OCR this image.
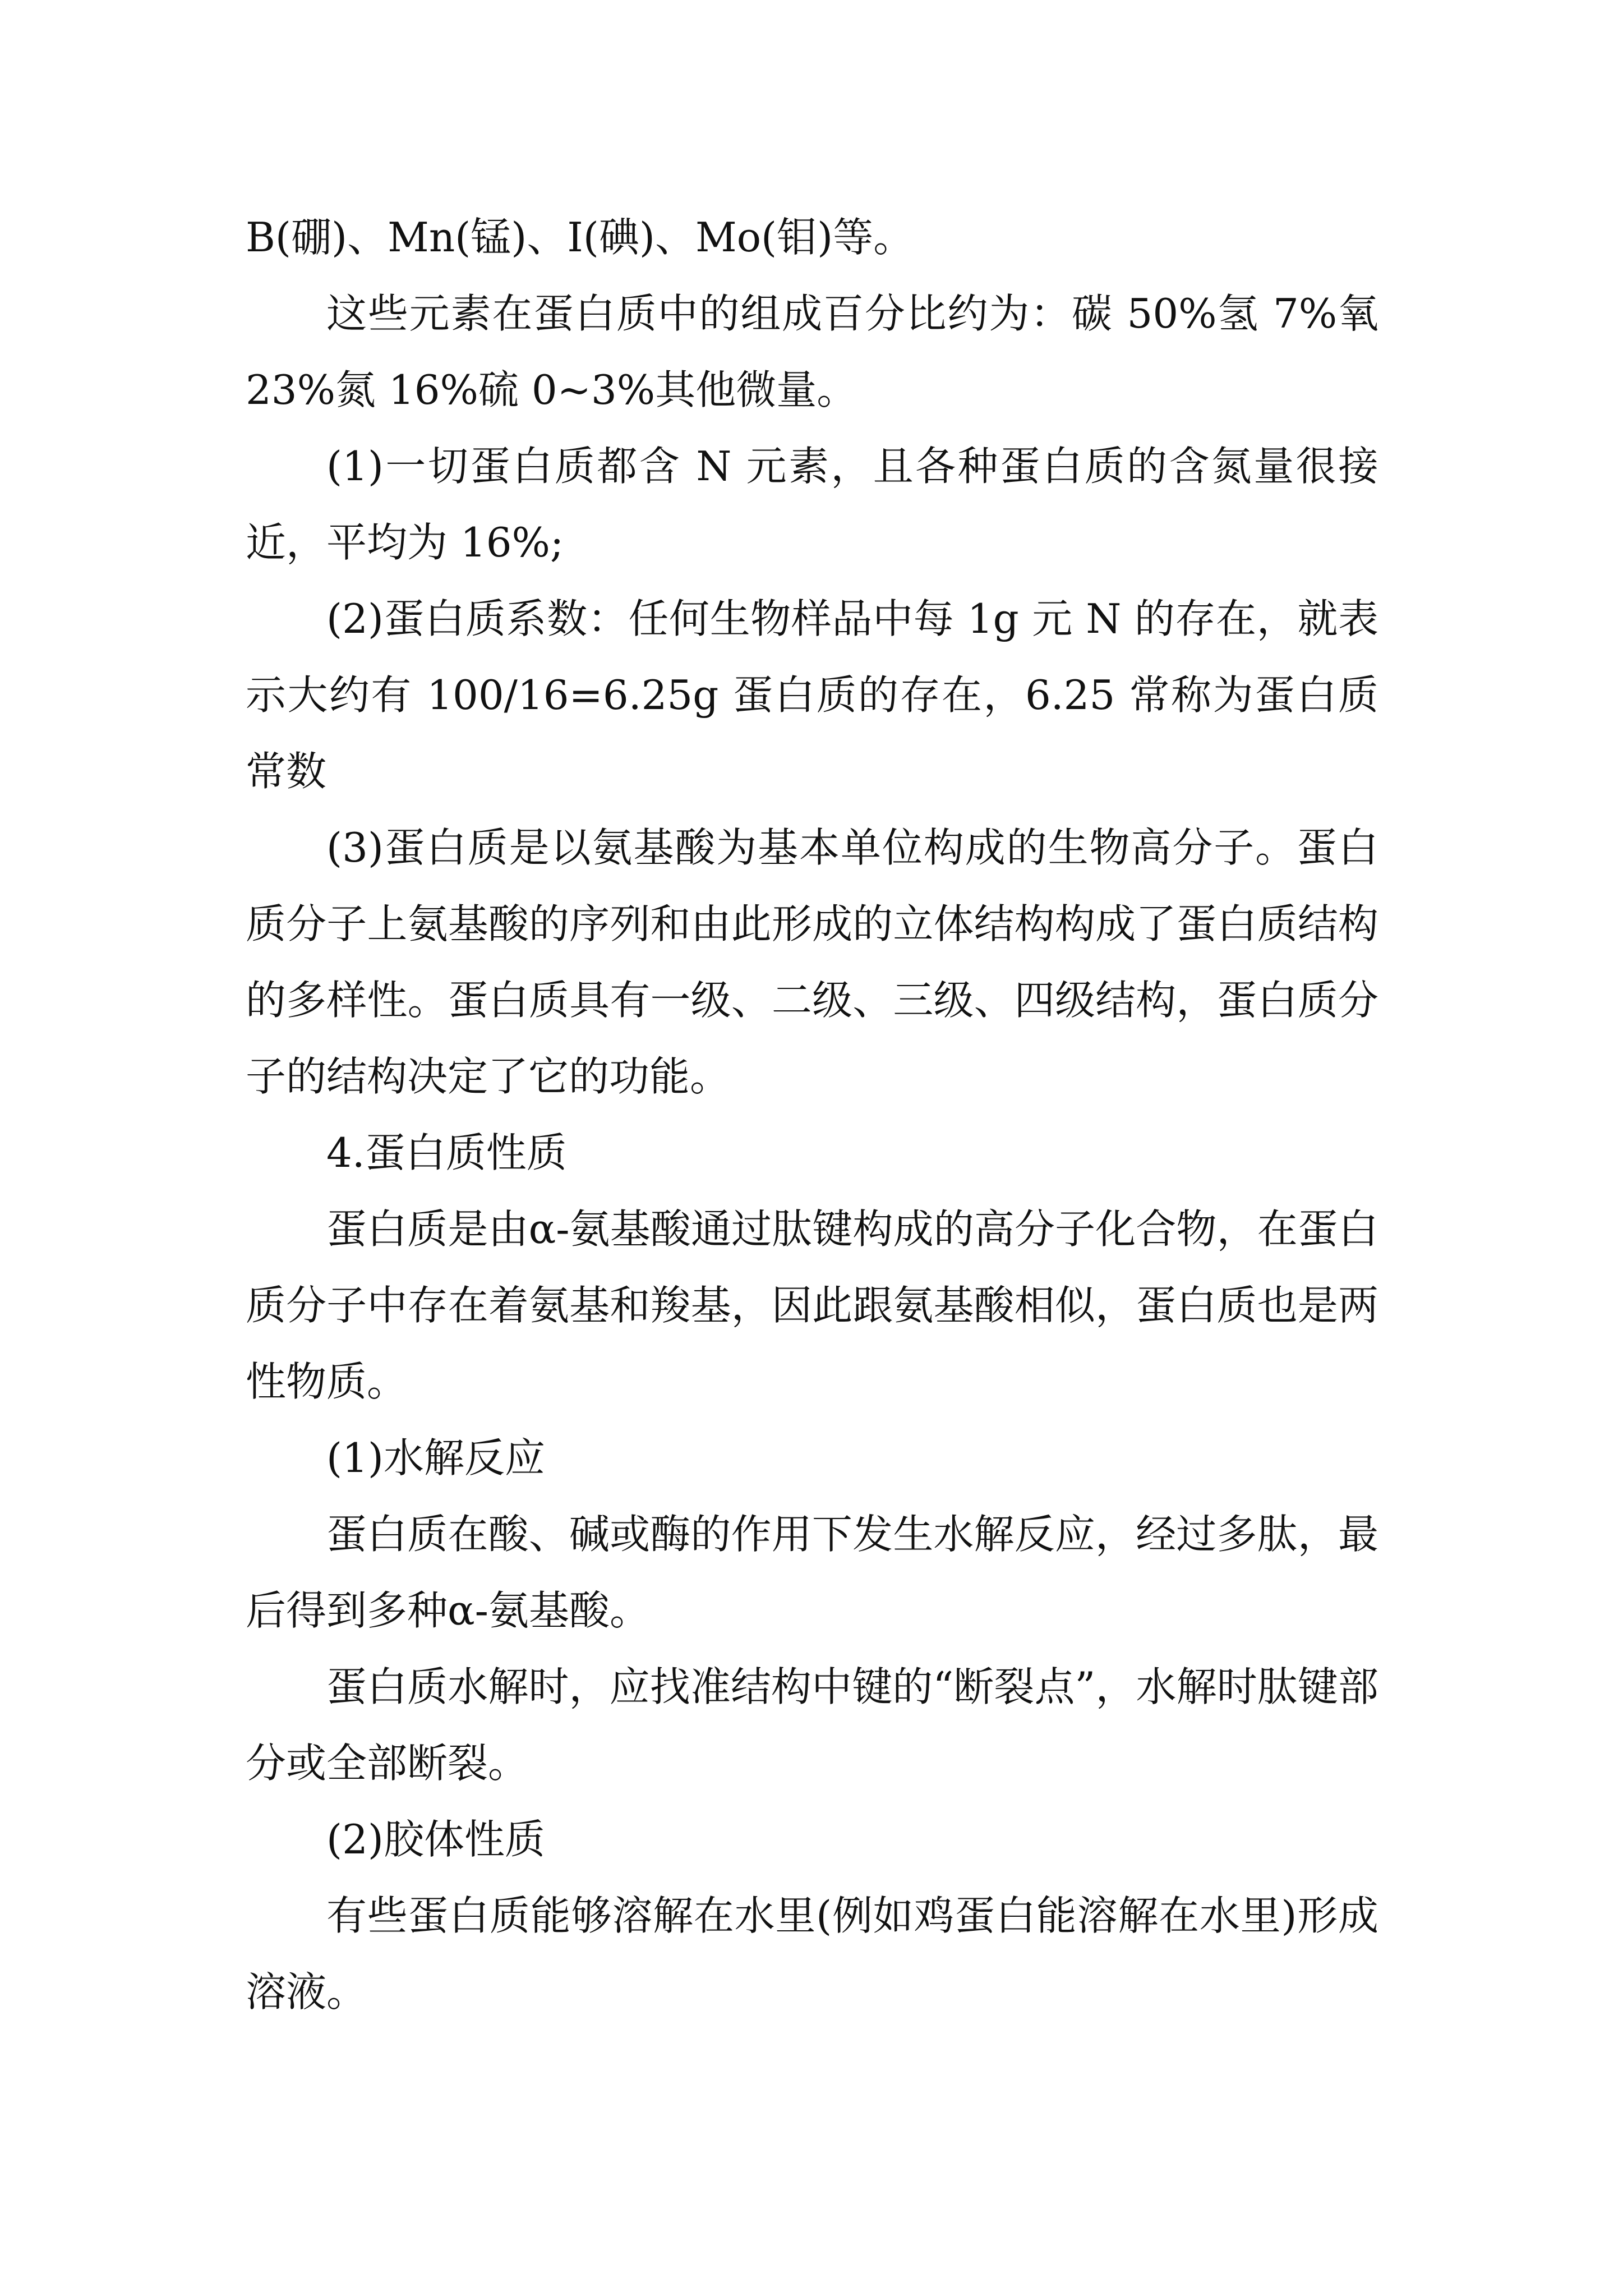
B(硼)、Mn(锰)、I(碘)、Mo(钼)等。

这些元素在蛋白质中的组成百分比约为：碳 50%氢 7%氧 23%氮 16%硫 0~3%其他微量。

(1)一切蛋白质都含 N 元素，且各种蛋白质的含氮量很接近，平均为 16%;

(2)蛋白质系数：任何生物样品中每 1g 元 N 的存在，就表示大约有 100/16=6.25g 蛋白质的存在，6.25 常称为蛋白质常数

(3)蛋白质是以氨基酸为基本单位构成的生物高分子。蛋白质分子上氨基酸的序列和由此形成的立体结构构成了蛋白质结构的多样性。蛋白质具有一级、二级、三级、四级结构，蛋白质分子的结构决定了它的功能。

4.蛋白质性质

蛋白质是由α-氨基酸通过肽键构成的高分子化合物，在蛋白质分子中存在着氨基和羧基，因此跟氨基酸相似，蛋白质也是两性物质。

(1)水解反应

蛋白质在酸、碱或酶的作用下发生水解反应，经过多肽，最后得到多种α-氨基酸。

蛋白质水解时，应找准结构中键的“断裂点”，水解时肽键部分或全部断裂。

(2)胶体性质

有些蛋白质能够溶解在水里(例如鸡蛋白能溶解在水里)形成溶液。
